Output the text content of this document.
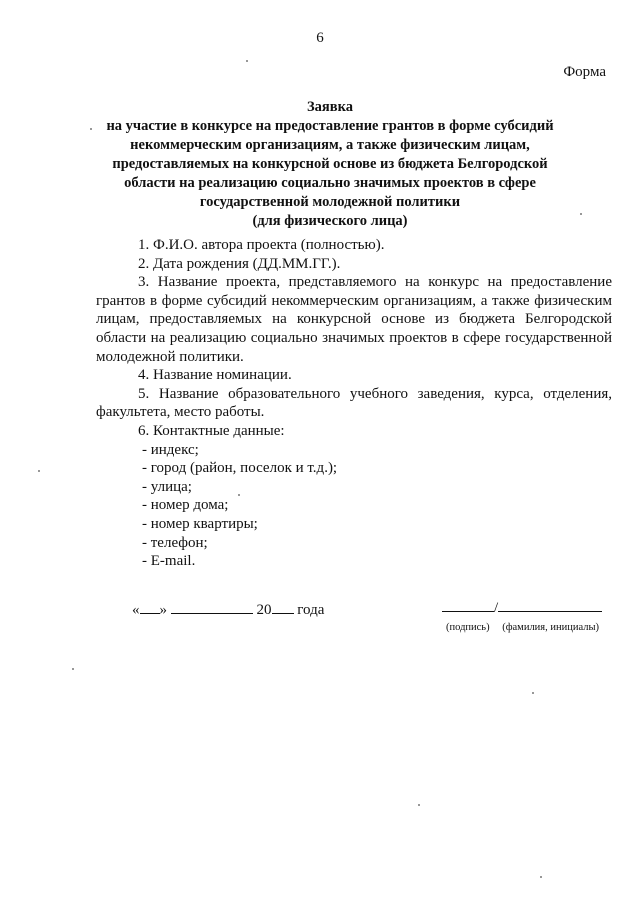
6
Форма
Заявка
на участие в конкурсе на предоставление грантов в форме субсидий
некоммерческим организациям, а также физическим лицам,
предоставляемых на конкурсной основе из бюджета Белгородской
области на реализацию социально значимых проектов в сфере
государственной молодежной политики
(для физического лица)
1. Ф.И.О. автора проекта (полностью).
2. Дата рождения (ДД.ММ.ГГ.).
3. Название проекта, представляемого на конкурс на предоставление грантов в форме субсидий некоммерческим организациям, а также физическим лицам, предоставляемых на конкурсной основе из бюджета Белгородской области на реализацию социально значимых проектов в сфере государственной молодежной политики.
4. Название номинации.
5. Название образовательного учебного заведения, курса, отделения, факультета, место работы.
6. Контактные данные:
- индекс;
- город (район, поселок и т.д.);
- улица;
- номер дома;
- номер квартиры;
- телефон;
- E-mail.
« »	20 года	/
(подпись) (фамилия, инициалы)
